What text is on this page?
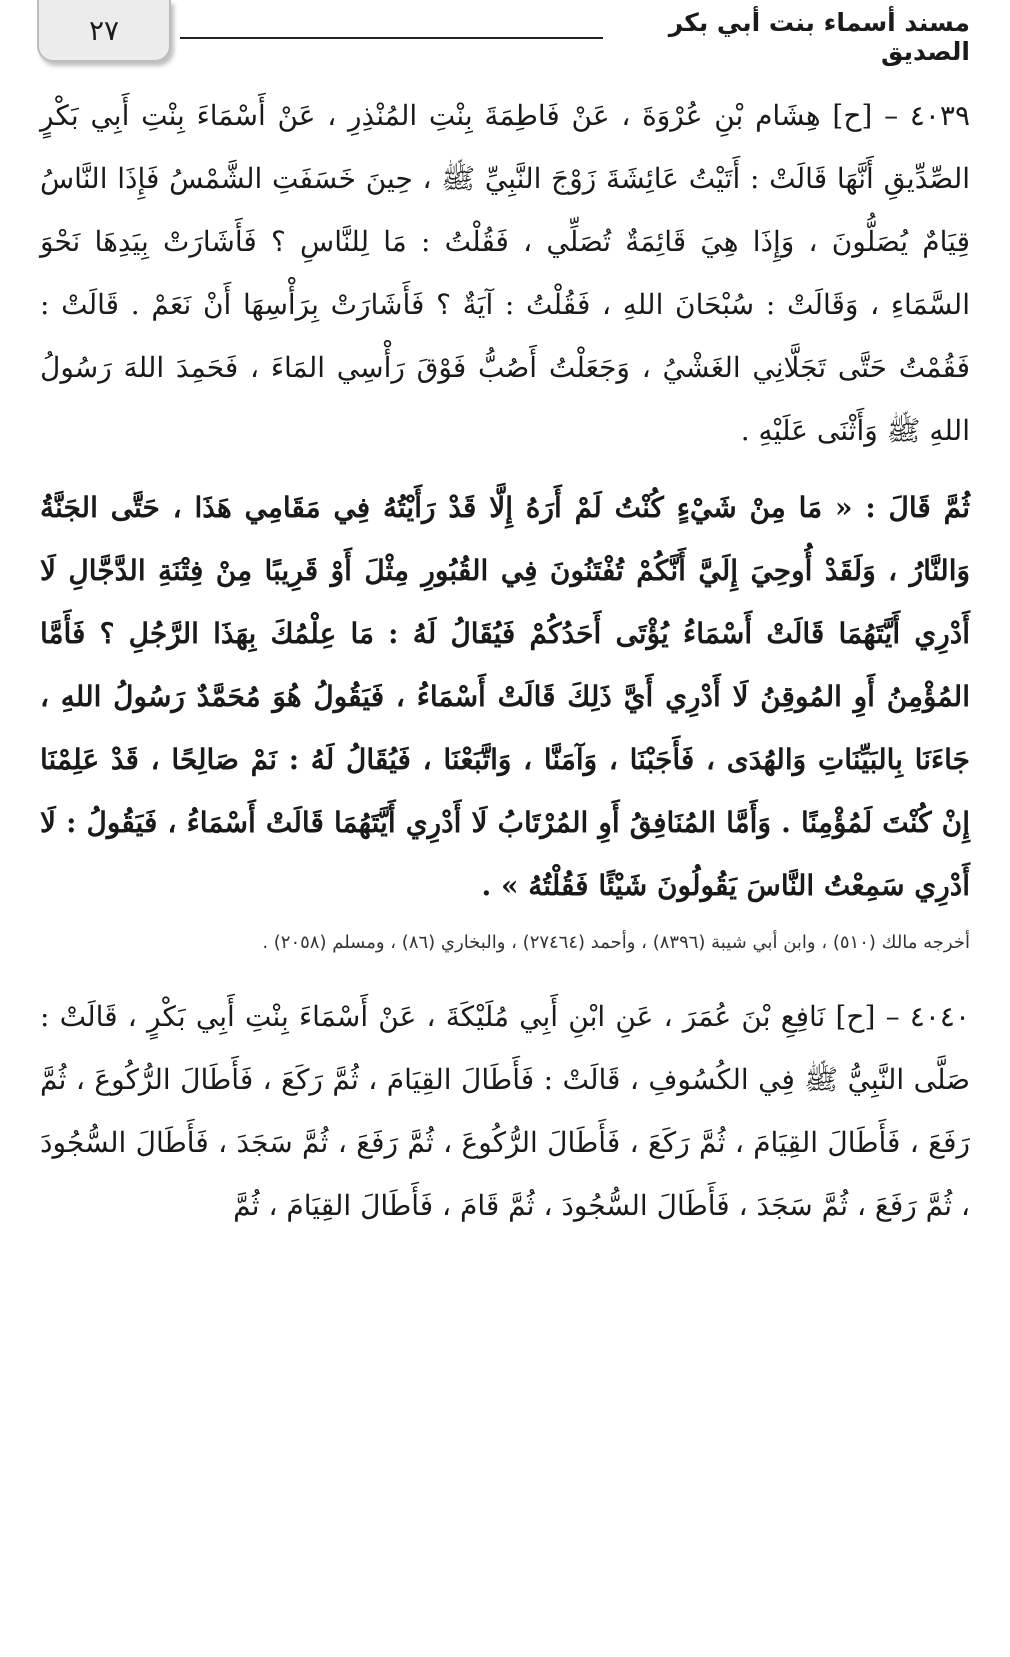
٢٧	مسند أسماء بنت أبي بكر الصديق

٤٠٣٩ – [ح] هِشَام بْنِ عُرْوَةَ ، عَنْ فَاطِمَةَ بِنْتِ المُنْذِرِ ، عَنْ أَسْمَاءَ بِنْتِ أَبِي بَكْرٍ الصِّدِّيقِ أَنَّهَا قَالَتْ : أَتَيْتُ عَائِشَةَ زَوْجَ النَّبِيِّ ﷺ ، حِينَ خَسَفَتِ الشَّمْسُ فَإِذَا النَّاسُ قِيَامٌ يُصَلُّونَ ، وَإِذَا هِيَ قَائِمَةٌ تُصَلِّي ، فَقُلْتُ : مَا لِلنَّاسِ ؟ فَأَشَارَتْ بِيَدِهَا نَحْوَ السَّمَاءِ ، وَقَالَتْ : سُبْحَانَ اللهِ ، فَقُلْتُ : آيَةٌ ؟ فَأَشَارَتْ بِرَأْسِهَا أَنْ نَعَمْ . قَالَتْ : فَقُمْتُ حَتَّى تَجَلَّانِي الغَشْيُ ، وَجَعَلْتُ أَصُبُّ فَوْقَ رَأْسِي المَاءَ ، فَحَمِدَ اللهَ رَسُولُ اللهِ ﷺ وَأَثْنَى عَلَيْهِ .

ثُمَّ قَالَ : « مَا مِنْ شَيْءٍ كُنْتُ لَمْ أَرَهُ إِلَّا قَدْ رَأَيْتُهُ فِي مَقَامِي هَذَا ، حَتَّى الجَنَّةُ وَالنَّارُ ، وَلَقَدْ أُوحِيَ إِلَيَّ أَنَّكُمْ تُفْتَنُونَ فِي القُبُورِ مِثْلَ أَوْ قَرِيبًا مِنْ فِتْنَةِ الدَّجَّالِ لَا أَدْرِي أَيَّتَهُمَا قَالَتْ أَسْمَاءُ يُؤْتَى أَحَدُكُمْ فَيُقَالُ لَهُ : مَا عِلْمُكَ بِهَذَا الرَّجُلِ ؟ فَأَمَّا المُؤْمِنُ أَوِ المُوقِنُ لَا أَدْرِي أَيَّ ذَلِكَ قَالَتْ أَسْمَاءُ ، فَيَقُولُ هُوَ مُحَمَّدٌ رَسُولُ اللهِ ، جَاءَنَا بِالبَيِّنَاتِ وَالهُدَى ، فَأَجَبْنَا ، وَآمَنَّا ، وَاتَّبَعْنَا ، فَيُقَالُ لَهُ : نَمْ صَالِحًا ، قَدْ عَلِمْنَا إِنْ كُنْتَ لَمُؤْمِنًا . وَأَمَّا المُنَافِقُ أَوِ المُرْتَابُ لَا أَدْرِي أَيَّتَهُمَا قَالَتْ أَسْمَاءُ ، فَيَقُولُ : لَا أَدْرِي سَمِعْتُ النَّاسَ يَقُولُونَ شَيْئًا فَقُلْتُهُ » .

أخرجه مالك (٥١٠) ، وابن أبي شيبة (٨٣٩٦) ، وأحمد (٢٧٤٦٤) ، والبخاري (٨٦) ، ومسلم (٢٠٥٨) .

٤٠٤٠ – [ح] نَافِعِ بْنَ عُمَرَ ، عَنِ ابْنِ أَبِي مُلَيْكَةَ ، عَنْ أَسْمَاءَ بِنْتِ أَبِي بَكْرٍ ، قَالَتْ : صَلَّى النَّبِيُّ ﷺ فِي الكُسُوفِ ، قَالَتْ : فَأَطَالَ القِيَامَ ، ثُمَّ رَكَعَ ، فَأَطَالَ الرُّكُوعَ ، ثُمَّ رَفَعَ ، فَأَطَالَ القِيَامَ ، ثُمَّ رَكَعَ ، فَأَطَالَ الرُّكُوعَ ، ثُمَّ رَفَعَ ، ثُمَّ سَجَدَ ، فَأَطَالَ السُّجُودَ ، ثُمَّ رَفَعَ ، ثُمَّ سَجَدَ ، فَأَطَالَ السُّجُودَ ، ثُمَّ قَامَ ، فَأَطَالَ القِيَامَ ، ثُمَّ
